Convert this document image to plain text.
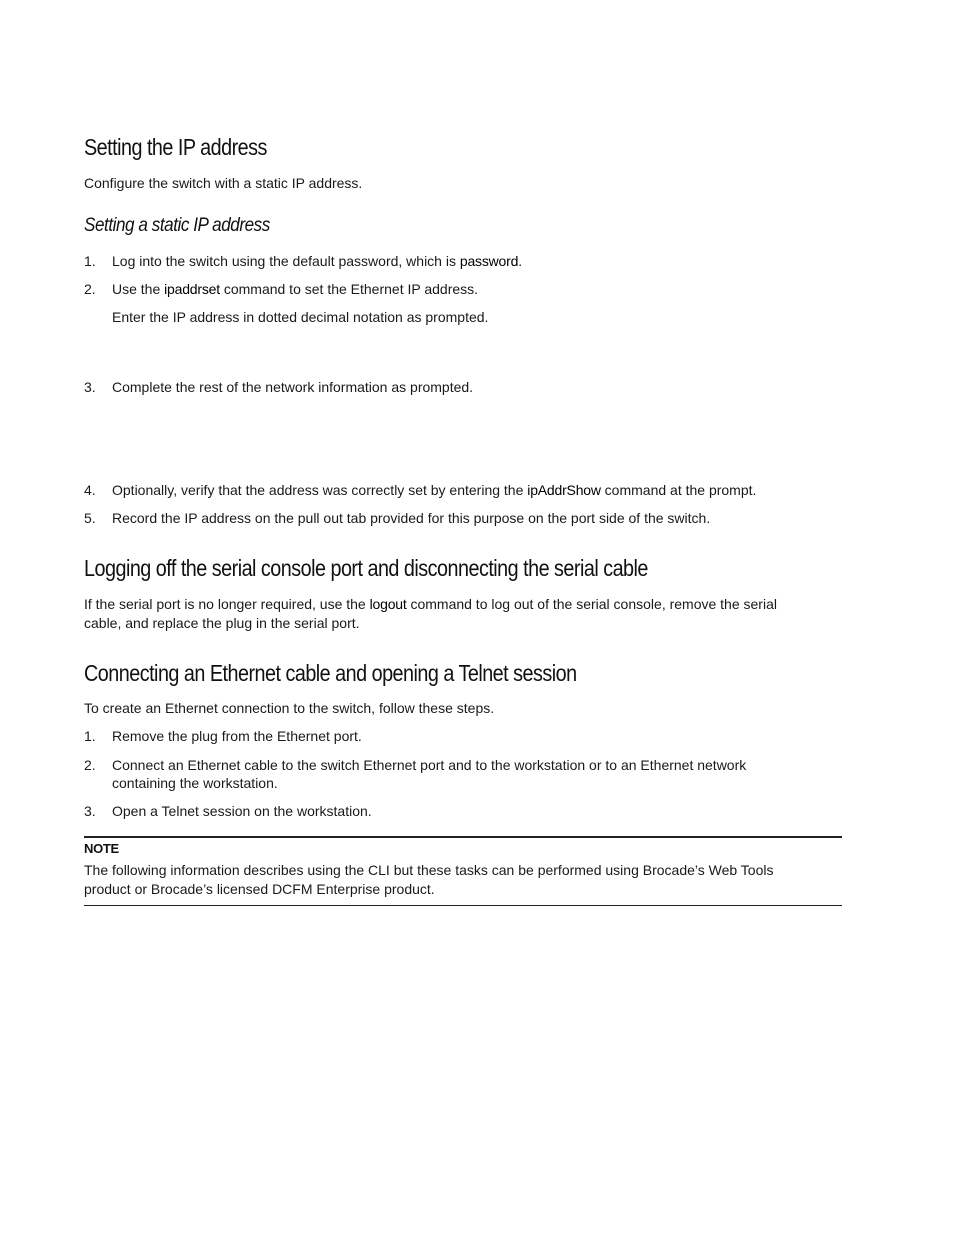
Setting the IP address
Configure the switch with a static IP address.
Setting a static IP address
1. Log into the switch using the default password, which is password.
2. Use the ipaddrset command to set the Ethernet IP address.
Enter the IP address in dotted decimal notation as prompted.
3. Complete the rest of the network information as prompted.
4. Optionally, verify that the address was correctly set by entering the ipAddrShow command at the prompt.
5. Record the IP address on the pull out tab provided for this purpose on the port side of the switch.
Logging off the serial console port and disconnecting the serial cable
If the serial port is no longer required, use the logout command to log out of the serial console, remove the serial
cable, and replace the plug in the serial port.
Connecting an Ethernet cable and opening a Telnet session
To create an Ethernet connection to the switch, follow these steps.
1. Remove the plug from the Ethernet port.
2. Connect an Ethernet cable to the switch Ethernet port and to the workstation or to an Ethernet network
containing the workstation.
3. Open a Telnet session on the workstation.
NOTE
The following information describes using the CLI but these tasks can be performed using Brocade’s Web Tools
product or Brocade’s licensed DCFM Enterprise product.
